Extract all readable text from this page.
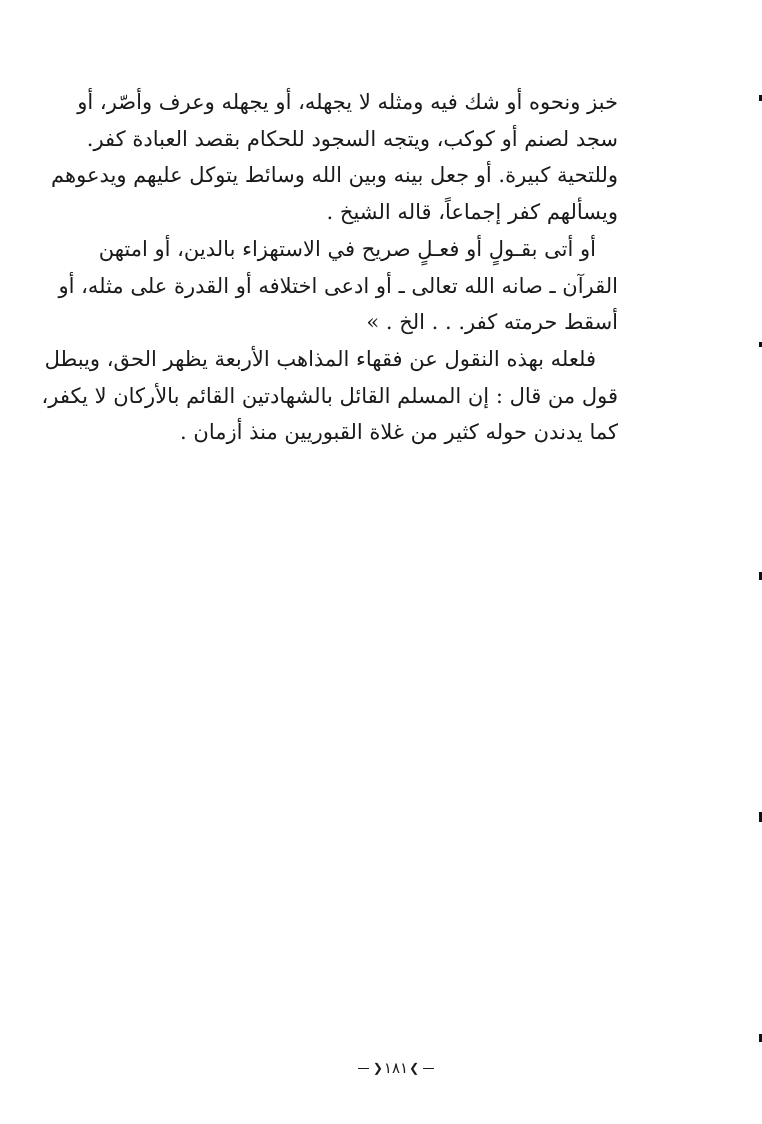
خبز ونحوه أو شك فيه ومثله لا يجهله، أو يجهله وعرف وأصّر، أو
سجد لصنم أو كوكب، ويتجه السجود للحكام بقصد العبادة كفر.
وللتحية كبيرة. أو جعل بينه وبين الله وسائط يتوكل عليهم ويدعوهم
ويسألهم كفر إجماعاً، قاله الشيخ .
أو أتى بقـولٍ أو فعـلٍ صريح في الاستهزاء بالدين، أو امتهن
القرآن ـ صانه الله تعالى ـ أو ادعى اختلافه أو القدرة على مثله، أو
أسقط حرمته كفر. . . الخ . »
فلعله بهذه النقول عن فقهاء المذاهب الأربعة يظهر الحق، ويبطل
قول من قال : إن المسلم القائل بالشهادتين القائم بالأركان لا يكفر،
كما يدندن حوله كثير من غلاة القبوريين منذ أزمان .
❯
١٨١
❮
